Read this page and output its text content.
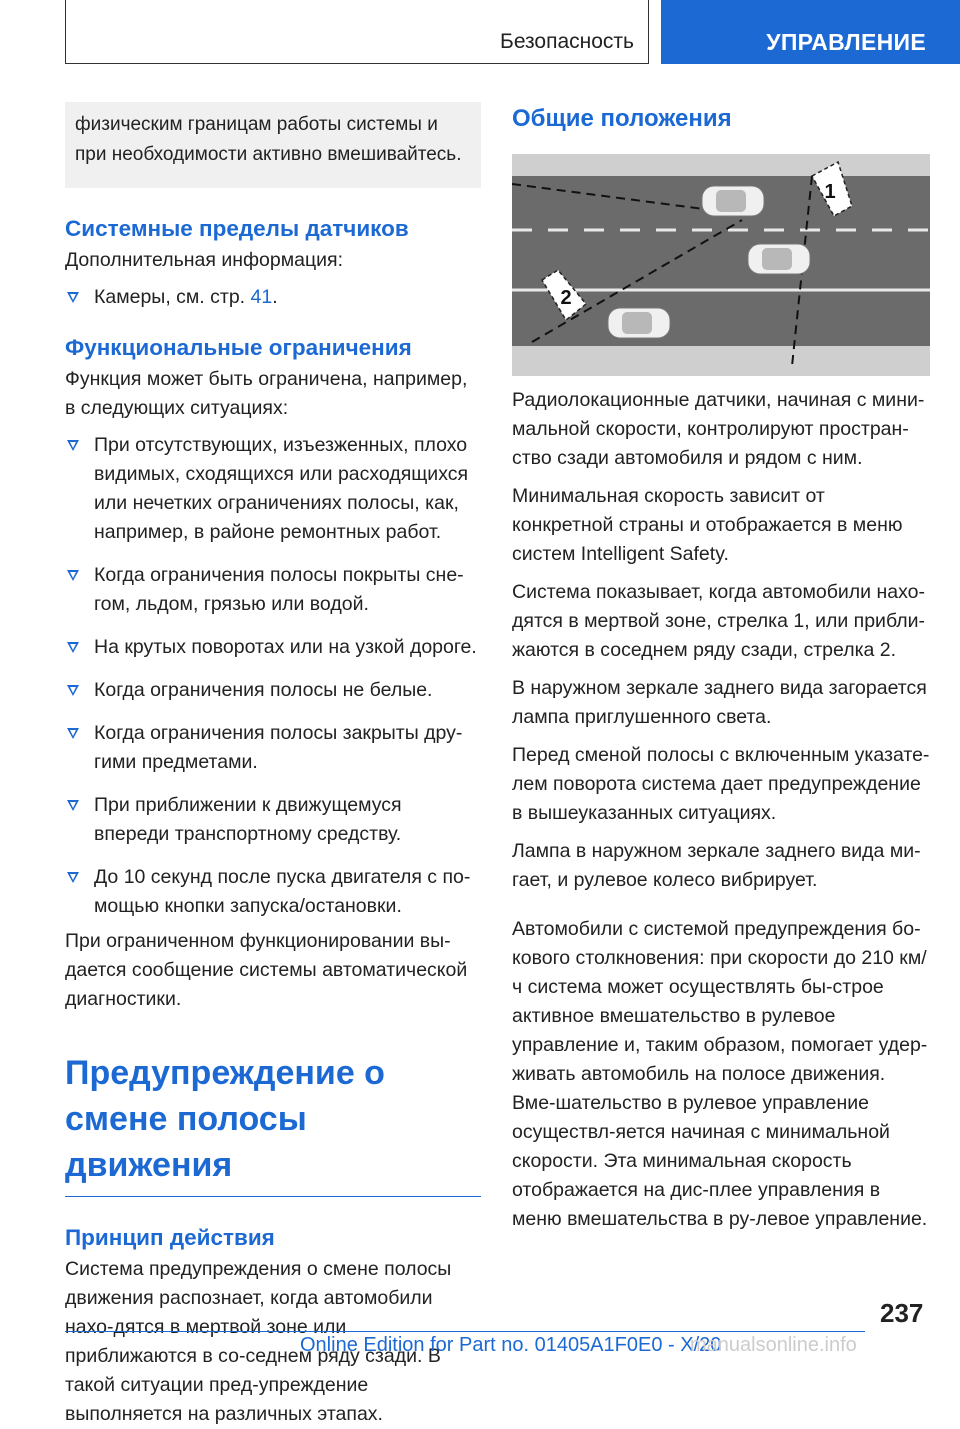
Безопасность	УПРАВЛЕНИЕ
физическим границам работы системы и при необходимости активно вмешивайтесь.
Системные пределы датчиков

Дополнительная информация:

Камеры, см. стр. 41.
Функциональные ограничения

Функция может быть ограничена, например, в следующих ситуациях:

При отсутствующих, изъезженных, плохо видимых, сходящихся или расходящихся или нечетких ограничениях полосы, как, например, в районе ремонтных работ.
Когда ограничения полосы покрыты сне-гом, льдом, грязью или водой.
На крутых поворотах или на узкой дороге.
Когда ограничения полосы не белые.
Когда ограничения полосы закрыты дру-гими предметами.
При приближении к движущемуся впереди транспортному средству.
До 10 секунд после пуска двигателя с по-мощью кнопки запуска/остановки.

При ограниченном функционировании вы-дается сообщение системы автоматической диагностики.

Предупреждение о смене полосы движения
Принцип действия

Система предупреждения о смене полосы движения распознает, когда автомобили нахо-дятся в мертвой зоне или приближаются в со-седнем ряду сзади. В такой ситуации пред-упреждение выполняется на различных этапах.

Общие положения
1
2

Радиолокационные датчики, начиная с мини-мальной скорости, контролируют простран-ство сзади автомобиля и рядом с ним.

Минимальная скорость зависит от конкретной страны и отображается в меню систем Intelligent Safety.

Система показывает, когда автомобили нахо-дятся в мертвой зоне, стрелка 1, или прибли-жаются в соседнем ряду сзади, стрелка 2.

В наружном зеркале заднего вида загорается лампа приглушенного света.

Перед сменой полосы с включенным указате-лем поворота система дает предупреждение в вышеуказанных ситуациях.

Лампа в наружном зеркале заднего вида ми-гает, и рулевое колесо вибрирует.

Автомобили с системой предупреждения бо-кового столкновения: при скорости до 210 км/ч система может осуществлять бы-строе активное вмешательство в рулевое управление и, таким образом, помогает удер-живать автомобиль на полосе движения. Вме-шательство в рулевое управление осуществл-яется начиная с минимальной скорости. Эта минимальная скорость отображается на дис-плее управления в меню вмешательства в ру-левое управление.

237
Online Edition for Part no. 01405A1F0E0 - X/20
manualsonline.info
